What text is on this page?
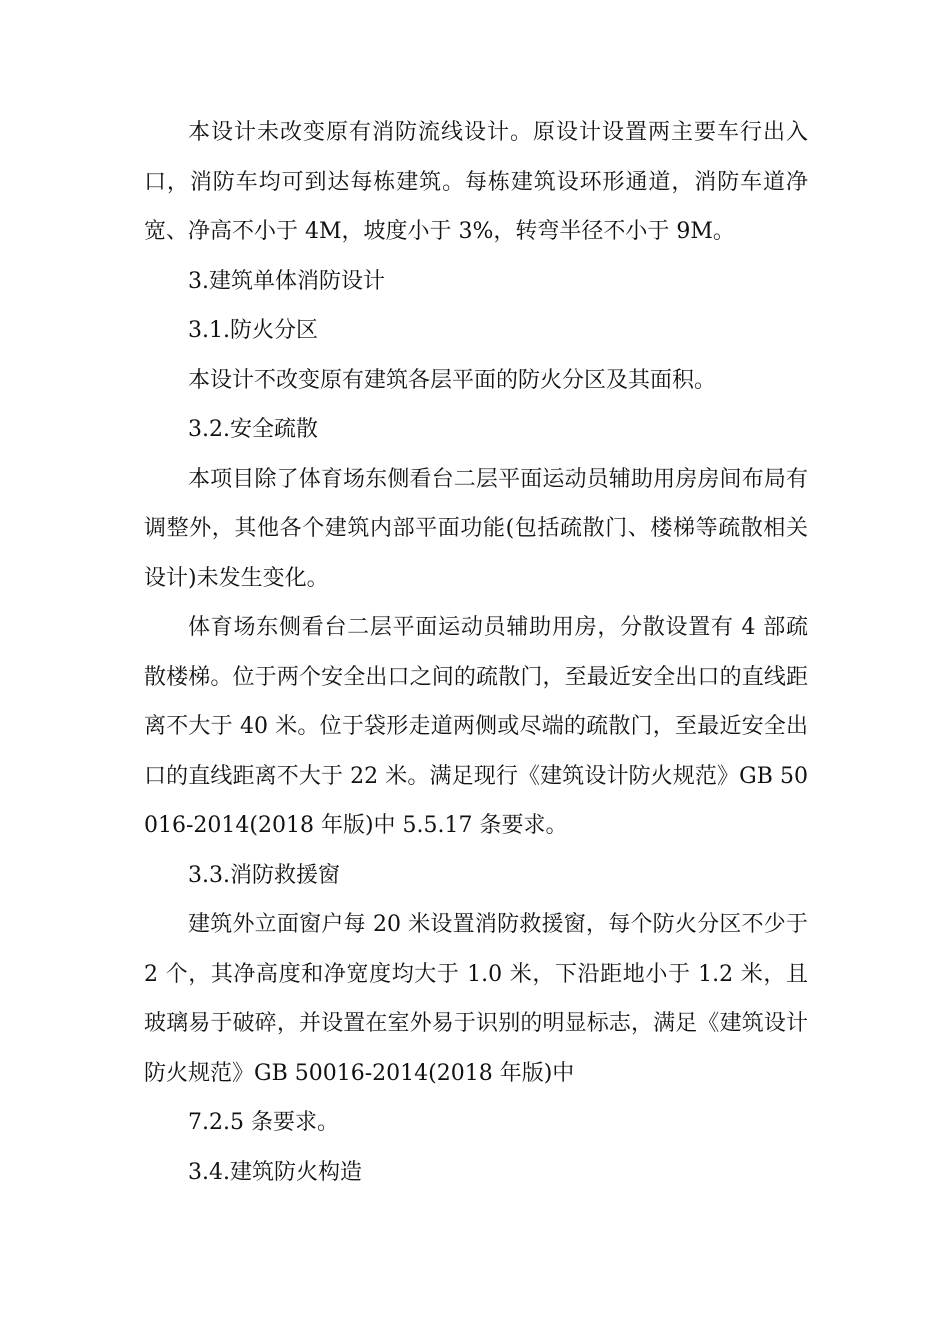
本设计未改变原有消防流线设计。原设计设置两主要车行出入口，消防车均可到达每栋建筑。每栋建筑设环形通道，消防车道净宽、净高不小于 4M，坡度小于 3%，转弯半径不小于 9M。

3.建筑单体消防设计

3.1.防火分区

本设计不改变原有建筑各层平面的防火分区及其面积。

3.2.安全疏散

本项目除了体育场东侧看台二层平面运动员辅助用房房间布局有调整外，其他各个建筑内部平面功能(包括疏散门、楼梯等疏散相关设计)未发生变化。

体育场东侧看台二层平面运动员辅助用房，分散设置有 4 部疏散楼梯。位于两个安全出口之间的疏散门，至最近安全出口的直线距离不大于 40 米。位于袋形走道两侧或尽端的疏散门，至最近安全出口的直线距离不大于 22 米。满足现行《建筑设计防火规范》GB 50016-2014(2018 年版)中 5.5.17 条要求。

3.3.消防救援窗

建筑外立面窗户每 20 米设置消防救援窗，每个防火分区不少于 2 个，其净高度和净宽度均大于 1.0 米，下沿距地小于 1.2 米，且玻璃易于破碎，并设置在室外易于识别的明显标志，满足《建筑设计防火规范》GB 50016-2014(2018 年版)中

7.2.5 条要求。

3.4.建筑防火构造
